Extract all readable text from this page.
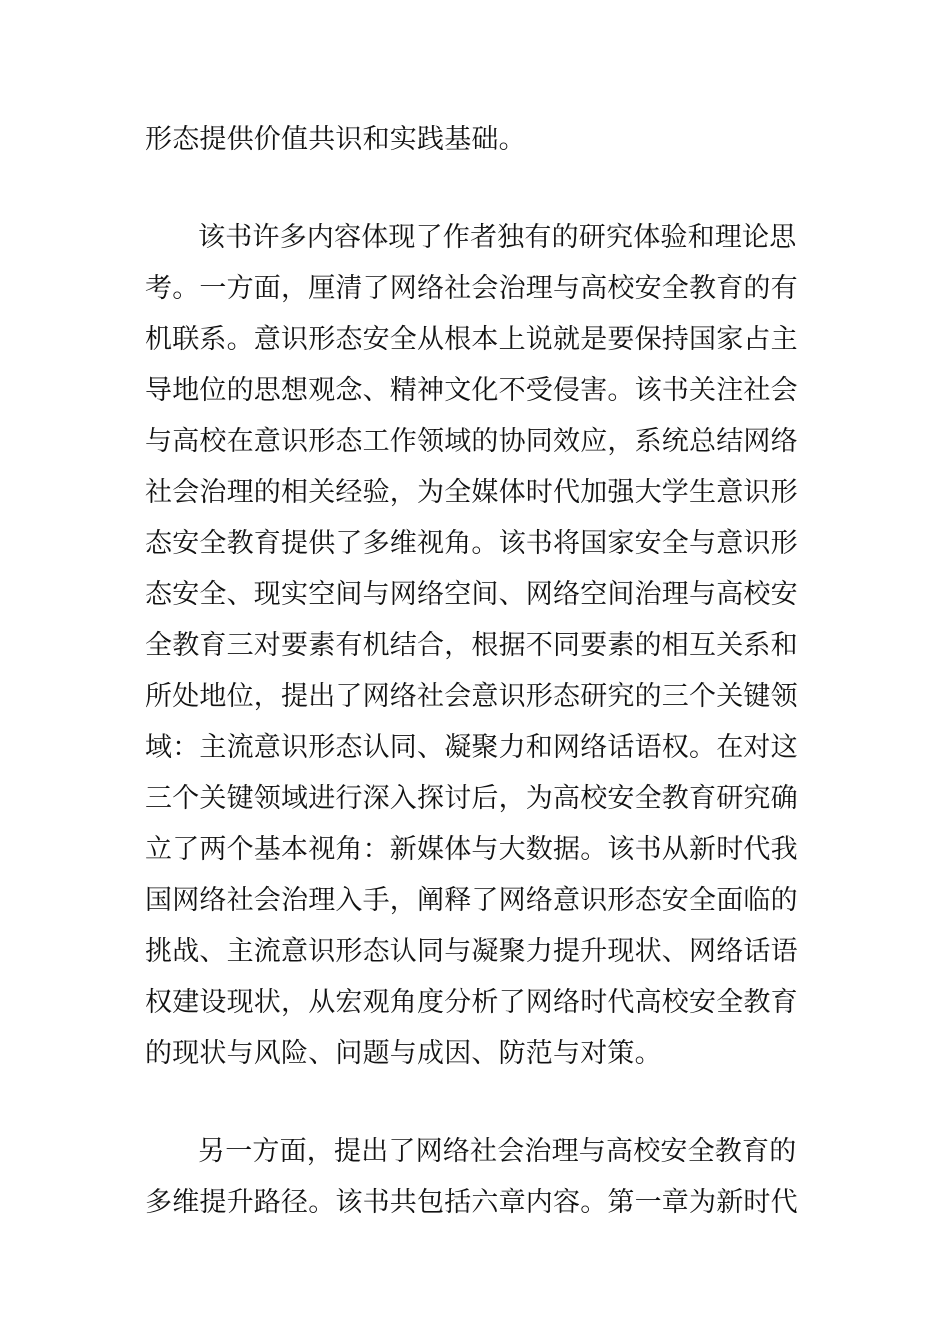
形态提供价值共识和实践基础。

该书许多内容体现了作者独有的研究体验和理论思

考。一方面，厘清了网络社会治理与高校安全教育的有

机联系。意识形态安全从根本上说就是要保持国家占主

导地位的思想观念、精神文化不受侵害。该书关注社会

与高校在意识形态工作领域的协同效应，系统总结网络

社会治理的相关经验，为全媒体时代加强大学生意识形

态安全教育提供了多维视角。该书将国家安全与意识形

态安全、现实空间与网络空间、网络空间治理与高校安

全教育三对要素有机结合，根据不同要素的相互关系和

所处地位，提出了网络社会意识形态研究的三个关键领

域：主流意识形态认同、凝聚力和网络话语权。在对这

三个关键领域进行深入探讨后，为高校安全教育研究确

立了两个基本视角：新媒体与大数据。该书从新时代我

国网络社会治理入手，阐释了网络意识形态安全面临的

挑战、主流意识形态认同与凝聚力提升现状、网络话语

权建设现状，从宏观角度分析了网络时代高校安全教育

的现状与风险、问题与成因、防范与对策。

另一方面，提出了网络社会治理与高校安全教育的

多维提升路径。该书共包括六章内容。第一章为新时代
